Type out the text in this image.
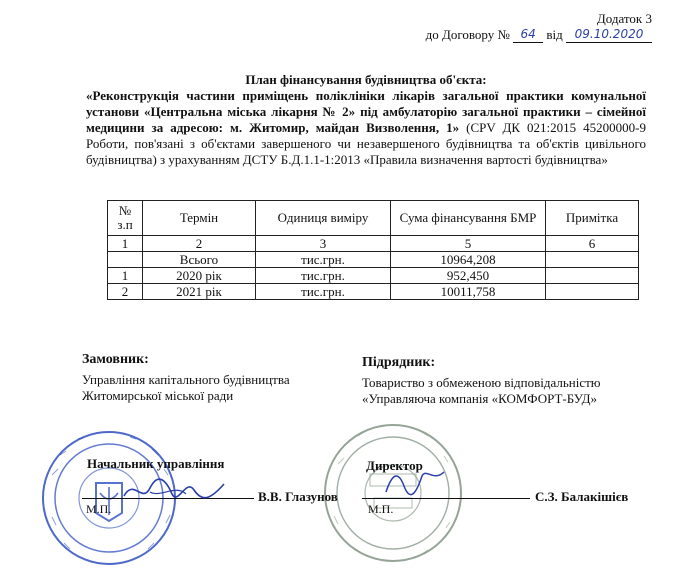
Додаток 3
до Договору № 64 від 09.10.2020
План фінансування будівництва об'єкта:
«Реконструкція частини приміщень поліклініки лікарів загальної практики комунальної установи «Центральна міська лікарня № 2» під амбулаторію загальної практики – сімейної медицини за адресою: м. Житомир, майдан Визволення, 1» (CPV ДК 021:2015 45200000-9 Роботи, пов'язані з об'єктами завершеного чи незавершеного будівництва та об'єктів цивільного будівництва) з урахуванням ДСТУ Б.Д.1.1-1:2013 «Правила визначення вартості будівництва»
№ з.п	Термін	Одиниця виміру	Сума фінансування БМР	Примітка
1	2	3	5	6
	Всього	тис.грн.	10964,208	
1	2020 рік	тис.грн.	952,450	
2	2021 рік	тис.грн.	10011,758	
Замовник:
Управління капітального будівництва
Житомирської міської ради
Підрядник:
Товариство з обмеженою відповідальністю
«Управляюча компанія «КОМФОРТ-БУД»
Начальник управління
М.П.
В.В. Глазунов
Директор
М.П.
С.З. Балакішієв
